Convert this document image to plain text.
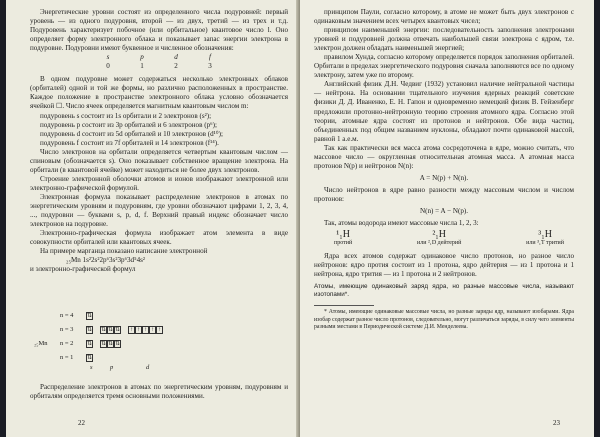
Энергетические уровни состоят из определенного числа подуровней: первый уровень — из одного подуровня, второй — из двух, третий — из трех и т.д. Подуровень характеризует побочное (или орбитальное) квантовое число l. Оно определяет форму электронного облака и показывает запас энергии электрона в подуровне. Подуровни имеют буквенное и численное обозначения:

s	p	d	f
0	1	2	3

В одном подуровне может содержаться несколько электронных облаков (орбиталей) одной и той же формы, но различно расположенных в пространстве. Каждое положение в пространстве электронного облака условно обозначается ячейкой ☐. Число ячеек определяется магнитным квантовым числом m:

подуровень s состоит из 1s орбитали и 2 электронов (s²);

подуровень p состоит из 3p орбиталей и 6 электронов (p⁶);

подуровень d состоит из 5d орбиталей и 10 электронов (d¹⁰);

подуровень f состоит из 7f орбиталей и 14 электронов (f¹⁴).

Число электронов на орбитали определяется четвертым квантовым числом — спиновым (обозначается s). Оно показывает собственное вращение электрона. На орбитали (в квантовой ячейке) может находиться не более двух электронов.

Строение электронной оболочки атомов и ионов изображают электронной или электронно-графической формулой.

Электронная формула показывает распределение электронов в атомах по энергетическим уровням и подуровням, где уровни обозначают цифрами 1, 2, 3, 4, ..., подуровни — буквами s, p, d, f. Верхний правый индекс обозначает число электронов на подуровне.

Электронно-графическая формула изображает атом элемента в виде совокупности орбиталей или квантовых ячеек.

На примере марганца показано написание электронной

₂₅Mn 1s²2s²2p⁶3s²3p⁶3d⁵4s²

и электронно-графической формул

₂₅Mn
n = 4
n = 3
n = 2
n = 1
s	p	d
⇅
⇅ ⇅ ⇅ ⇅	↑ ↑ ↑ ↑ ↑
⇅ ⇅ ⇅ ⇅
⇅

Распределение электронов в атомах по энергетическим уровням, подуровням и орбиталям определяется тремя основными положениями.

22

принципом Паули, согласно которому, в атоме не может быть двух электронов с одинаковым значением всех четырех квантовых чисел;

принципом наименьшей энергии: последовательность заполнения электронами уровней и подуровней должна отвечать наибольшей связи электрона с ядром, т.е. электрон должен обладать наименьшей энергией;

правилом Хунда, согласно которому определяется порядок заполнения орбиталей. Орбитали в пределах энергетического подуровня сначала заполняются все по одному электрону, затем уже по второму.

Английский физик Д.Н. Чедвиг (1932) установил наличие нейтральной частицы — нейтрона. На основании тщательного изучения ядерных реакций советские физики Д. Д. Иваненко, Е. Н. Гапон и одновременно немецкий физик В. Гейзенберг предложили протонно-нейтронную теорию строения атомного ядра. Согласно этой теории, атомные ядра состоят из протонов и нейтронов. Обе вида частиц, объединенных под общим названием нуклоны, обладают почти одинаковой массой, равной 1 а.е.м.

Так как практически вся масса атома сосредоточена в ядре, можно считать, что массовое число — округленная относительная атомная масса. А атомная масса протонов N(p) и нейтронов N(n):

A = N(p) + N(n).

Число нейтронов в ядре равно разности между массовым числом и числом протонов:

N(n) = A − N(p).

Так, атомы водорода имеют массовые числа 1, 2, 3:

¹₁H
протий
²₁H
или ²₁D дейтерий
³₁H
или ³₁T тритий

Ядра всех атомов содержат одинаковое число протонов, но разное число нейтронов: ядро протия состоит из 1 протона, ядро дейтерия — из 1 протона и 1 нейтрона, ядро трития — из 1 протона и 2 нейтронов.

Атомы, имеющие одинаковый заряд ядра, но разные массовые числа, называют изотопами*.

* Атомы, имеющие одинаковые массовые числа, но разные заряды ядр, называют изобарами. Ядра изобар содержат разное число протонов, следовательно, могут различаться заряды, в силу чего элементы разными местами в Периодической системе Д.И. Менделеева.

23
